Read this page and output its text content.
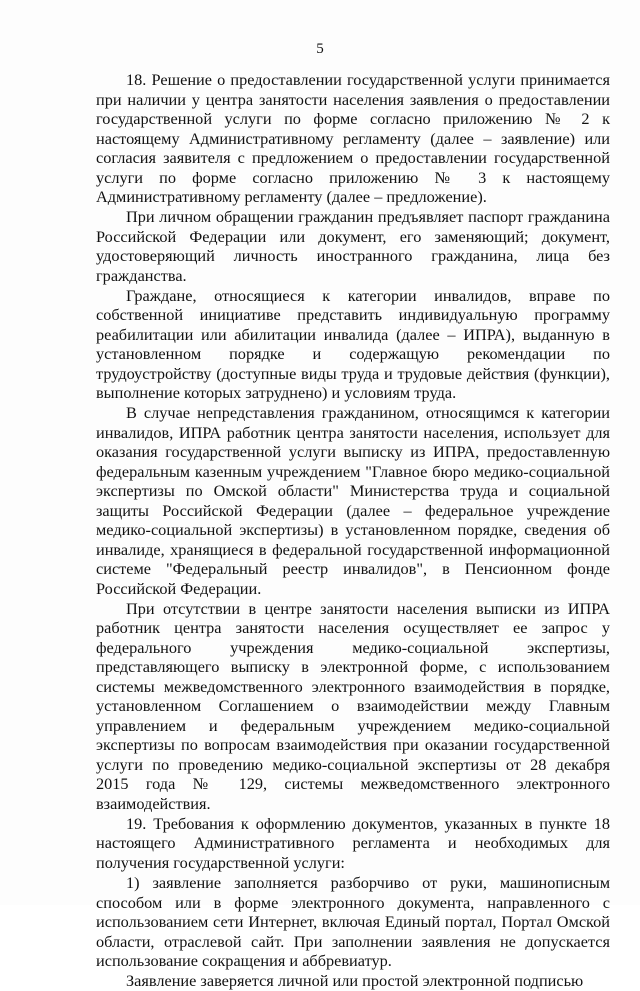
5

18. Решение о предоставлении государственной услуги принимается при наличии у центра занятости населения заявления о предоставлении государственной услуги по форме согласно приложению № 2 к настоящему Административному регламенту (далее – заявление) или согласия заявителя с предложением о предоставлении государственной услуги по форме согласно приложению № 3 к настоящему Административному регламенту (далее – предложение).

При личном обращении гражданин предъявляет паспорт гражданина Российской Федерации или документ, его заменяющий; документ, удостоверяющий личность иностранного гражданина, лица без гражданства.

Граждане, относящиеся к категории инвалидов, вправе по собственной инициативе представить индивидуальную программу реабилитации или абилитации инвалида (далее – ИПРА), выданную в установленном порядке и содержащую рекомендации по трудоустройству (доступные виды труда и трудовые действия (функции), выполнение которых затруднено) и условиям труда.

В случае непредставления гражданином, относящимся к категории инвалидов, ИПРА работник центра занятости населения, использует для оказания государственной услуги выписку из ИПРА, предоставленную федеральным казенным учреждением "Главное бюро медико-социальной экспертизы по Омской области" Министерства труда и социальной защиты Российской Федерации (далее – федеральное учреждение медико-социальной экспертизы) в установленном порядке, сведения об инвалиде, хранящиеся в федеральной государственной информационной системе "Федеральный реестр инвалидов", в Пенсионном фонде Российской Федерации.

При отсутствии в центре занятости населения выписки из ИПРА работник центра занятости населения осуществляет ее запрос у федерального учреждения медико-социальной экспертизы, представляющего выписку в электронной форме, с использованием системы межведомственного электронного взаимодействия в порядке, установленном Соглашением о взаимодействии между Главным управлением и федеральным учреждением медико-социальной экспертизы по вопросам взаимодействия при оказании государственной услуги по проведению медико-социальной экспертизы от 28 декабря 2015 года № 129, системы межведомственного электронного взаимодействия.

19. Требования к оформлению документов, указанных в пункте 18 настоящего Административного регламента и необходимых для получения государственной услуги:

1) заявление заполняется разборчиво от руки, машинописным способом или в форме электронного документа, направленного с использованием сети Интернет, включая Единый портал, Портал Омской области, отраслевой сайт. При заполнении заявления не допускается использование сокращения и аббревиатур.

Заявление заверяется личной или простой электронной подписью
